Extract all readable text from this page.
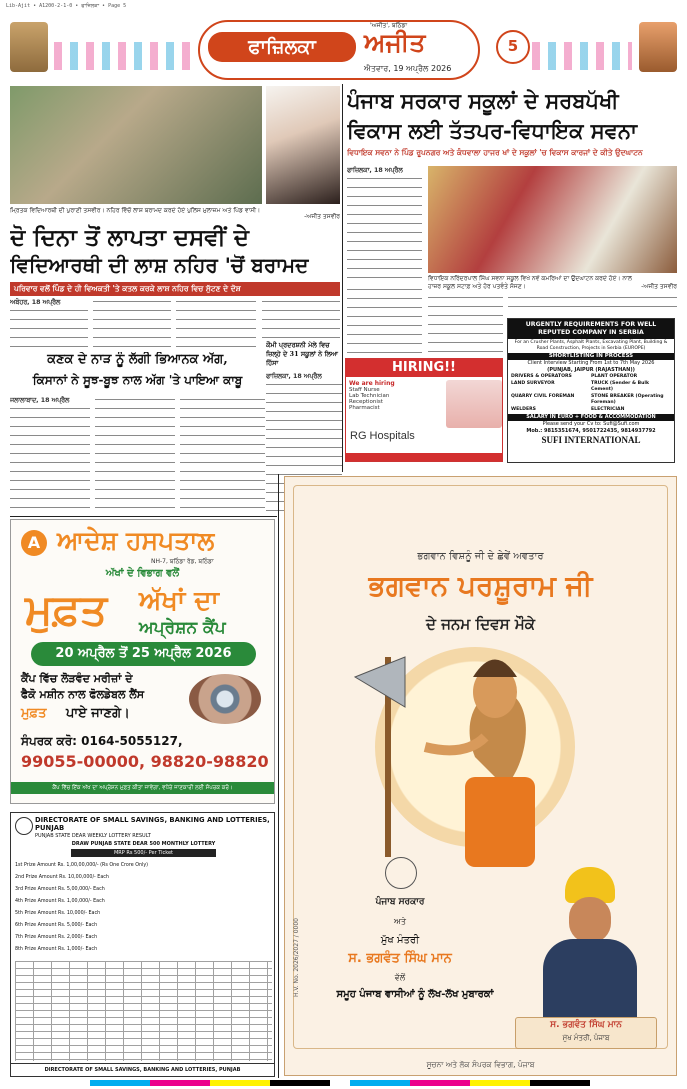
Lib-Ajit • A1200-2-1-0 • ਫਾਜ਼ਿਲਕਾ • Page 5
ਫਾਜ਼ਿਲਕਾ
'ਅਜੀਤ', ਬਠਿੰਡਾ
ਅਜੀਤ
ਐਤਵਾਰ, 19 ਅਪ੍ਰੈਲ 2026
5
ਮ੍ਰਿਤਕ ਵਿਦਿਆਰਥੀ ਦੀ ਪੁਰਾਣੀ ਤਸਵੀਰ। ਨਹਿਰ ਵਿੱਚੋਂ ਲਾਸ਼ ਬਰਾਮਦ ਕਰਦੇ ਹੋਏ ਪੁਲਿਸ ਮੁਲਾਜ਼ਮ ਅਤੇ ਪਿੰਡ ਵਾਸੀ।
-ਅਜੀਤ ਤਸਵੀਰ
ਦੋ ਦਿਨਾ ਤੋਂ ਲਾਪਤਾ ਦਸਵੀਂ ਦੇ
ਵਿਦਿਆਰਥੀ ਦੀ ਲਾਸ਼ ਨਹਿਰ 'ਚੋਂ ਬਰਾਮਦ
ਪਰਿਵਾਰ ਵਲੋਂ ਪਿੰਡ ਦੇ ਹੀ ਵਿਅਕਤੀ 'ਤੇ ਕਤਲ ਕਰਕੇ ਲਾਸ਼ ਨਹਿਰ ਵਿਚ ਸੁੱਟਣ ਦੇ ਦੋਸ਼
ਅਬੋਹਰ, 18 ਅਪ੍ਰੈਲ
ਕਣਕ ਦੇ ਨਾੜ ਨੂੰ ਲੱਗੀ ਭਿਆਨਕ ਅੱਗ,
ਕਿਸਾਨਾਂ ਨੇ ਸੂਝ-ਬੂਝ ਨਾਲ ਅੱਗ 'ਤੇ ਪਾਇਆ ਕਾਬੂ
ਜਲਾਲਾਬਾਦ, 18 ਅਪ੍ਰੈਲ
ਕੌਮੀ ਪ੍ਰਦਰਸ਼ਨੀ ਮੇਲੇ ਵਿਚ ਜ਼ਿਲ੍ਹੇ ਦੇ 31 ਸਕੂਲਾਂ ਨੇ ਲਿਆ ਹਿੱਸਾ
ਫਾਜ਼ਿਲਕਾ, 18 ਅਪ੍ਰੈਲ
ਪੰਜਾਬ ਸਰਕਾਰ ਸਕੂਲਾਂ ਦੇ ਸਰਬਪੱਖੀ
ਵਿਕਾਸ ਲਈ ਤੱਤਪਰ-ਵਿਧਾਇਕ ਸਵਨਾ
ਵਿਧਾਇਕ ਸਵਨਾ ਨੇ ਪਿੰਡ ਰੂਪਨਗਰ ਅਤੇ ਕੰਧਵਾਲਾ ਹਾਜਰ ਖਾਂ ਦੇ ਸਕੂਲਾਂ 'ਚ ਵਿਕਾਸ ਕਾਰਜਾਂ ਦੇ ਕੀਤੇ ਉਦਘਾਟਨ
ਫਾਜ਼ਿਲਕਾ, 18 ਅਪ੍ਰੈਲ
ਵਿਧਾਇਕ ਨਰਿੰਦਰਪਾਲ ਸਿੰਘ ਸਵਨਾ ਸਕੂਲ ਵਿਖੇ ਨਵੇਂ ਕਮਰਿਆਂ ਦਾ ਉਦਘਾਟਨ ਕਰਦੇ ਹੋਏ। ਨਾਲ ਹਾਜ਼ਰ ਸਕੂਲ ਸਟਾਫ਼ ਅਤੇ ਹੋਰ ਪਤਵੰਤੇ ਸੱਜਣ।	-ਅਜੀਤ ਤਸਵੀਰ
HIRING!!
We are hiring
Staff Nurse
Lab Technician
Receptionist
Pharmacist
RG Hospitals
URGENTLY REQUIREMENTS FOR WELL REPUTED COMPANY IN SERBIA
For an Crusher Plants, Asphalt Plants, Excavating Plant, Building & Road Construction, Projects in Serbia (EUROPE)
SHORTLISTING IN PROCESS
Client Interview Starting From 1st to 7th May 2026
(PUNJAB, JAIPUR (RAJASTHAN))
DRIVERS & OPERATORS	PLANT OPERATOR
LAND SURVEYOR	TRUCK (Sender & Bulk Cement)
QUARRY CIVIL FOREMAN	STONE BREAKER (Operating Foreman)
WELDERS	ELECTRICIAN
SALARY IN EURO + FOOD & ACCOMMODATION
Please send your Cv to: Sufi@Sufi.com
Mob.: 9815351674, 9501722435, 9814937792
SUFI INTERNATIONAL
A ਆਦੇਸ਼ ਹਸਪਤਾਲ
NH-7, ਬਠਿੰਡਾ ਰੋਡ, ਬਠਿੰਡਾ
ਅੱਖਾਂ ਦੇ ਵਿਭਾਗ ਵਲੋਂ
ਮੁਫ਼ਤ ਅੱਖਾਂ ਦਾ
ਅਪ੍ਰੇਸ਼ਨ ਕੈਂਪ
20 ਅਪ੍ਰੈਲ ਤੋਂ 25 ਅਪ੍ਰੈਲ 2026
ਕੈਂਪ ਵਿੱਚ ਲੋੜਵੰਦ ਮਰੀਜ਼ਾਂ ਦੇ
ਫੈਕੋ ਮਸ਼ੀਨ ਨਾਲ ਫੋਲਡੇਬਲ ਲੈਂਸ
ਮੁਫ਼ਤ ਪਾਏ ਜਾਣਗੇ।
ਸੰਪਰਕ ਕਰੋ: 0164-5055127,
99055-00000, 98820-98820
ਕੈਂਪ ਵਿੱਚ ਇੱਕ ਅੱਖ ਦਾ ਅਪ੍ਰੇਸ਼ਨ ਮੁਫ਼ਤ ਕੀਤਾ ਜਾਵੇਗਾ, ਵਧੇਰੇ ਜਾਣਕਾਰੀ ਲਈ ਸੰਪਰਕ ਕਰੋ।
DIRECTORATE OF SMALL SAVINGS, BANKING AND LOTTERIES, PUNJAB
PUNJAB STATE DEAR WEEKLY LOTTERY RESULT
DRAW PUNJAB STATE DEAR 500 MONTHLY LOTTERY
MRP Rs 500/- Per Ticket
1st Prize Amount Rs. 1,00,00,000/- (Rs One Crore Only)
2nd Prize Amount Rs. 10,00,000/- Each
3rd Prize Amount Rs. 5,00,000/- Each
4th Prize Amount Rs. 1,00,000/- Each
5th Prize Amount Rs. 10,000/- Each
6th Prize Amount Rs. 5,000/- Each
7th Prize Amount Rs. 2,000/- Each
8th Prize Amount Rs. 1,000/- Each
DIRECTORATE OF SMALL SAVINGS, BANKING AND LOTTERIES, PUNJAB
ਭਗਵਾਨ ਵਿਸ਼ਨੂੰ ਜੀ ਦੇ ਛੇਵੇਂ ਅਵਤਾਰ
ਭਗਵਾਨ ਪਰਸ਼ੂਰਾਮ ਜੀ
ਦੇ ਜਨਮ ਦਿਵਸ ਮੌਕੇ
ਪੰਜਾਬ ਸਰਕਾਰ
ਅਤੇ
ਮੁੱਖ ਮੰਤਰੀ
ਸ. ਭਗਵੰਤ ਸਿੰਘ ਮਾਨ
ਵੱਲੋਂ
ਸਮੂਹ ਪੰਜਾਬ ਵਾਸੀਆਂ ਨੂੰ ਲੱਖ-ਲੱਖ ਮੁਬਾਰਕਾਂ
ਸ. ਭਗਵੰਤ ਸਿੰਘ ਮਾਨ
ਮੁੱਖ ਮੰਤਰੀ, ਪੰਜਾਬ
H.V. No. 2026/2027 / 0000
ਸੂਚਨਾ ਅਤੇ ਲੋਕ ਸੰਪਰਕ ਵਿਭਾਗ, ਪੰਜਾਬ
